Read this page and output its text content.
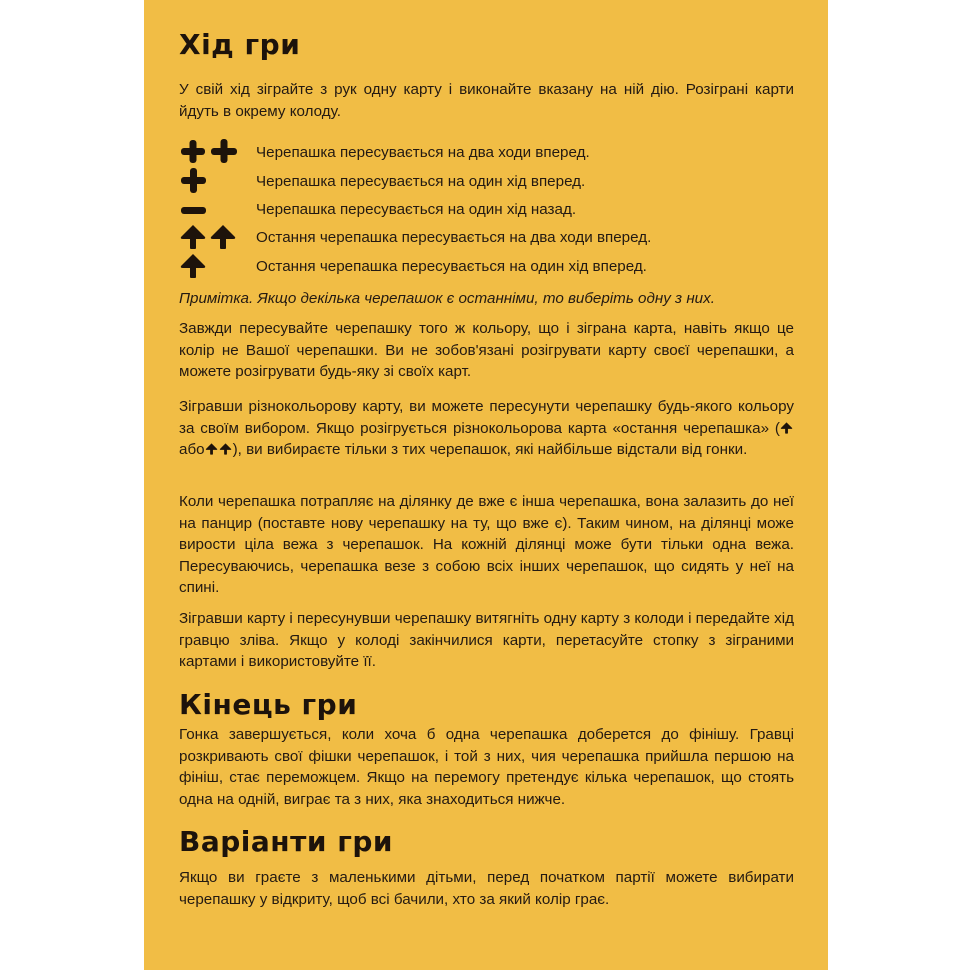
Хід гри

У свій хід зіграйте з рук одну карту і виконайте вказану на ній дію. Розіграні карти йдуть в окрему колоду.

Черепашка пересувається на два ходи вперед.
Черепашка пересувається на один хід вперед.
Черепашка пересувається на один хід назад.
Остання черепашка пересувається на два ходи вперед.
Остання черепашка пересувається на один хід вперед.

Примітка. Якщо декілька черепашок є останніми, то виберіть одну з них.

Завжди пересувайте черепашку того ж кольору, що і зіграна карта, навіть якщо це колір не Вашої черепашки. Ви не зобов'язані розігрувати карту своєї черепашки, а можете розігрувати будь-яку зі своїх карт.

Зігравши різнокольорову карту, ви можете пересунути черепашку будь-якого кольору за своїм вибором. Якщо розігрується різнокольорова карта «остання черепашка» (або ), ви вибираєте тільки з тих черепашок, які найбільше відстали від гонки.

Коли черепашка потрапляє на ділянку де вже є інша черепашка, вона залазить до неї на панцир (поставте нову черепашку на ту, що вже є). Таким чином, на ділянці може вирости ціла вежа з черепашок. На кожній ділянці може бути тільки одна вежа. Пересуваючись, черепашка везе з собою всіх інших черепашок, що сидять у неї на спині.

Зігравши карту і пересунувши черепашку витягніть одну карту з колоди і передайте хід гравцю зліва. Якщо у колоді закінчилися карти, перетасуйте стопку з зіграними картами і використовуйте її.

Кінець гри

Гонка завершується, коли хоча б одна черепашка доберется до фінішу. Гравці розкривають свої фішки черепашок, і той з них, чия черепашка прийшла першою на фініш, стає переможцем. Якщо на перемогу претендує кілька черепашок, що стоять одна на одній, виграє та з них, яка знаходиться нижче.

Варіанти гри

Якщо ви граєте з маленькими дітьми, перед початком партії можете вибирати черепашку у відкриту, щоб всі бачили, хто за який колір грає.
